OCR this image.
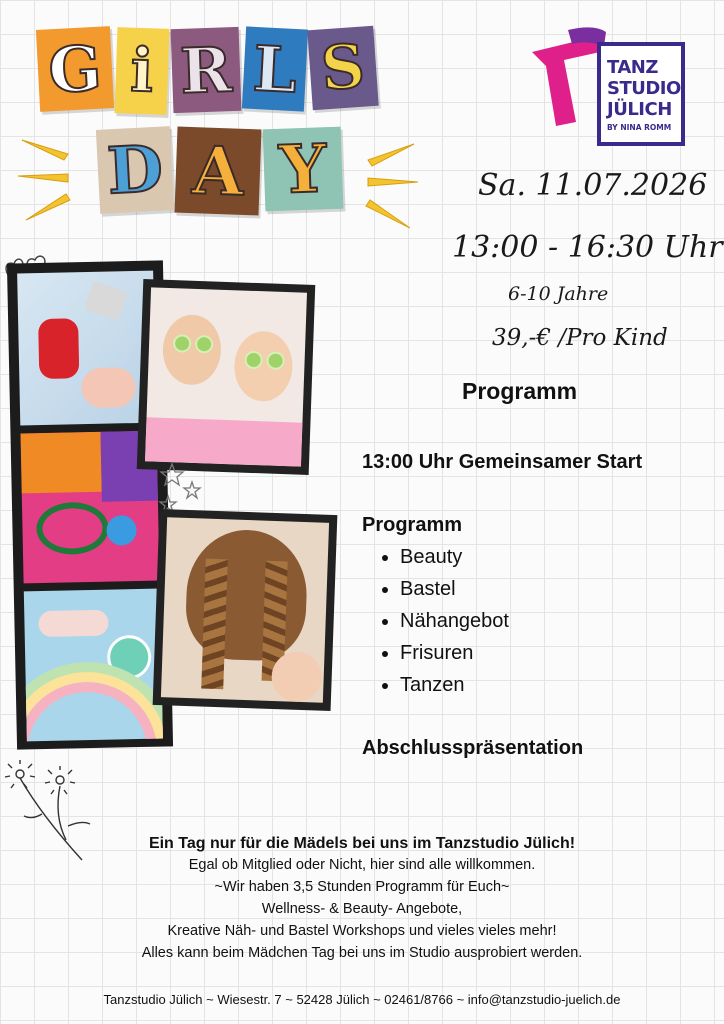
G i R L S
D A Y
TANZ
STUDIO
JÜLICH
BY NINA ROMM
Sa. 11.07.2026
13:00 - 16:30 Uhr
6-10 Jahre
39,-€ /Pro Kind
Programm
13:00 Uhr Gemeinsamer Start
Programm
• Beauty
• Bastel
• Nähangebot
• Frisuren
• Tanzen
Abschlusspräsentation
Ein Tag nur für die Mädels bei uns im Tanzstudio Jülich!
Egal ob Mitglied oder Nicht, hier sind alle willkommen.
~Wir haben 3,5 Stunden Programm für Euch~
Wellness- & Beauty- Angebote,
Kreative Näh- und Bastel Workshops und vieles vieles mehr!
Alles kann beim Mädchen Tag bei uns im Studio ausprobiert werden.
Tanzstudio Jülich ~ Wiesestr. 7 ~ 52428 Jülich ~ 02461/8766 ~ info@tanzstudio-juelich.de
